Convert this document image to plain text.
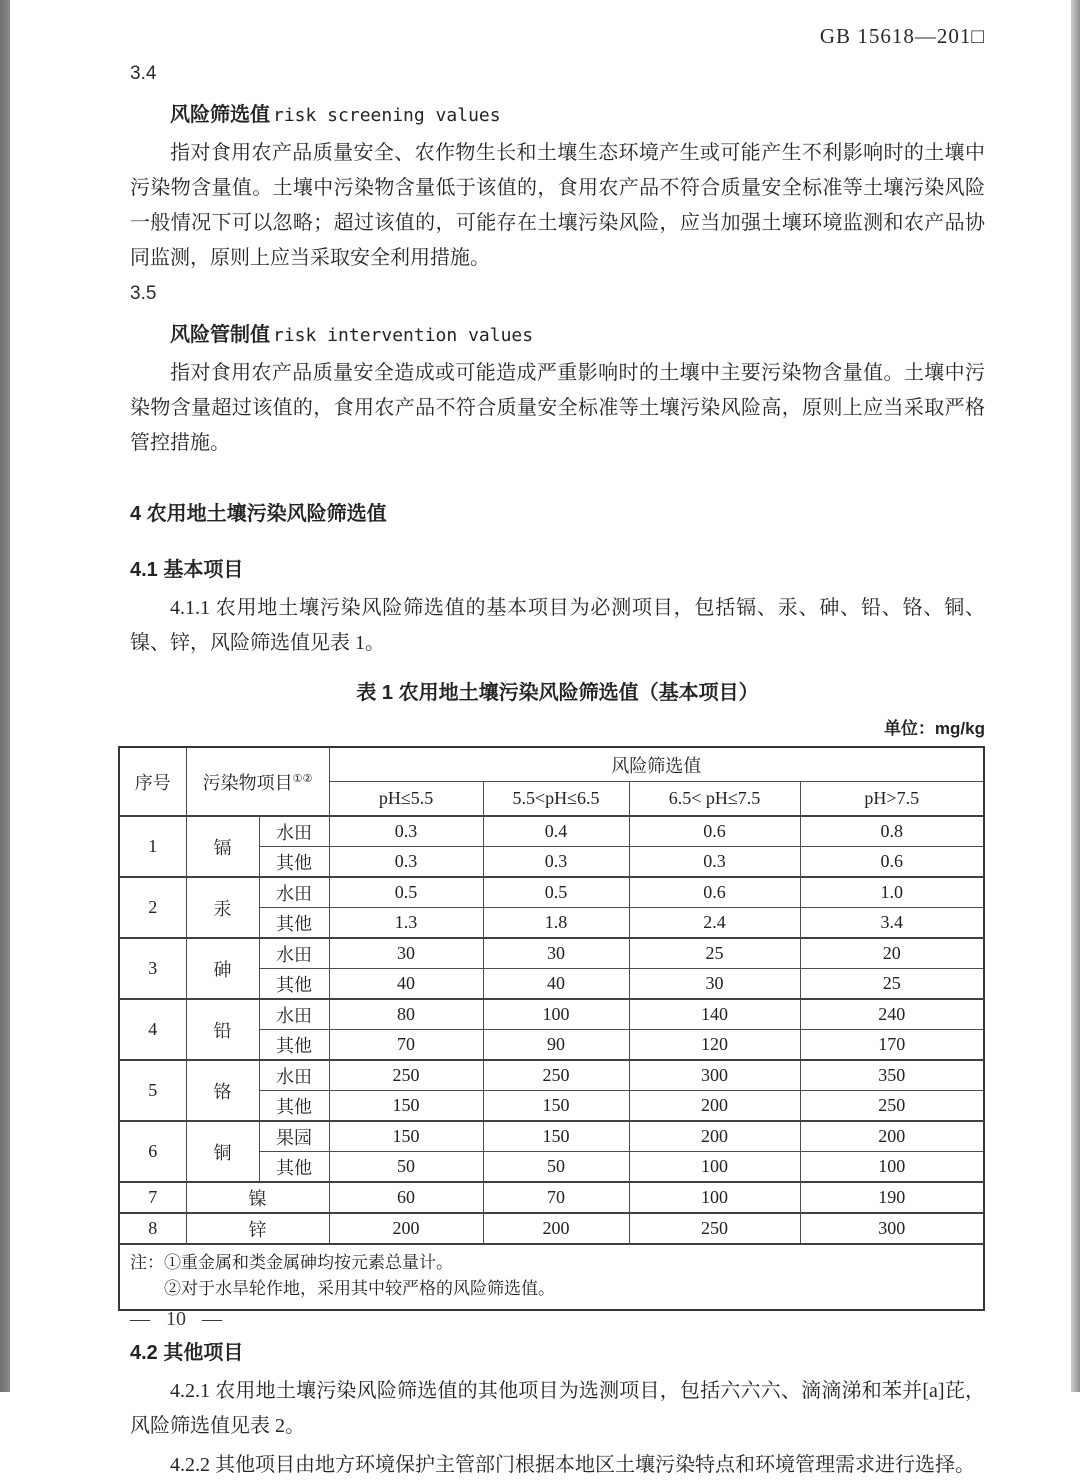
GB 15618—201□
3.4
风险筛选值 risk screening values

指对食用农产品质量安全、农作物生长和土壤生态环境产生或可能产生不利影响时的土壤中污染物含量值。土壤中污染物含量低于该值的，食用农产品不符合质量安全标准等土壤污染风险一般情况下可以忽略；超过该值的，可能存在土壤污染风险，应当加强土壤环境监测和农产品协同监测，原则上应当采取安全利用措施。

3.5
风险管制值 risk intervention values

指对食用农产品质量安全造成或可能造成严重影响时的土壤中主要污染物含量值。土壤中污染物含量超过该值的，食用农产品不符合质量安全标准等土壤污染风险高，原则上应当采取严格管控措施。

4 农用地土壤污染风险筛选值
4.1 基本项目

4.1.1 农用地土壤污染风险筛选值的基本项目为必测项目，包括镉、汞、砷、铅、铬、铜、镍、锌，风险筛选值见表 1。

表 1 农用地土壤污染风险筛选值（基本项目）
单位：mg/kg
序号	污染物项目①②		风险筛选值			
			pH≤5.5	5.5<pH≤6.5	6.5< pH≤7.5	pH>7.5
1	镉	水田	0.3	0.4	0.6	0.8
		其他	0.3	0.3	0.3	0.6
2	汞	水田	0.5	0.5	0.6	1.0
		其他	1.3	1.8	2.4	3.4
3	砷	水田	30	30	25	20
		其他	40	40	30	25
4	铅	水田	80	100	140	240
		其他	70	90	120	170
5	铬	水田	250	250	300	350
		其他	150	150	200	250
6	铜	果园	150	150	200	200
		其他	50	50	100	100
7	镍		60	70	100	190
8	锌		200	200	250	300

注：①重金属和类金属砷均按元素总量计。
②对于水旱轮作地，采用其中较严格的风险筛选值。						
4.2 其他项目

4.2.1 农用地土壤污染风险筛选值的其他项目为选测项目，包括六六六、滴滴涕和苯并[a]芘，风险筛选值见表 2。

4.2.2 其他项目由地方环境保护主管部门根据本地区土壤污染特点和环境管理需求进行选择。

— 10 —
